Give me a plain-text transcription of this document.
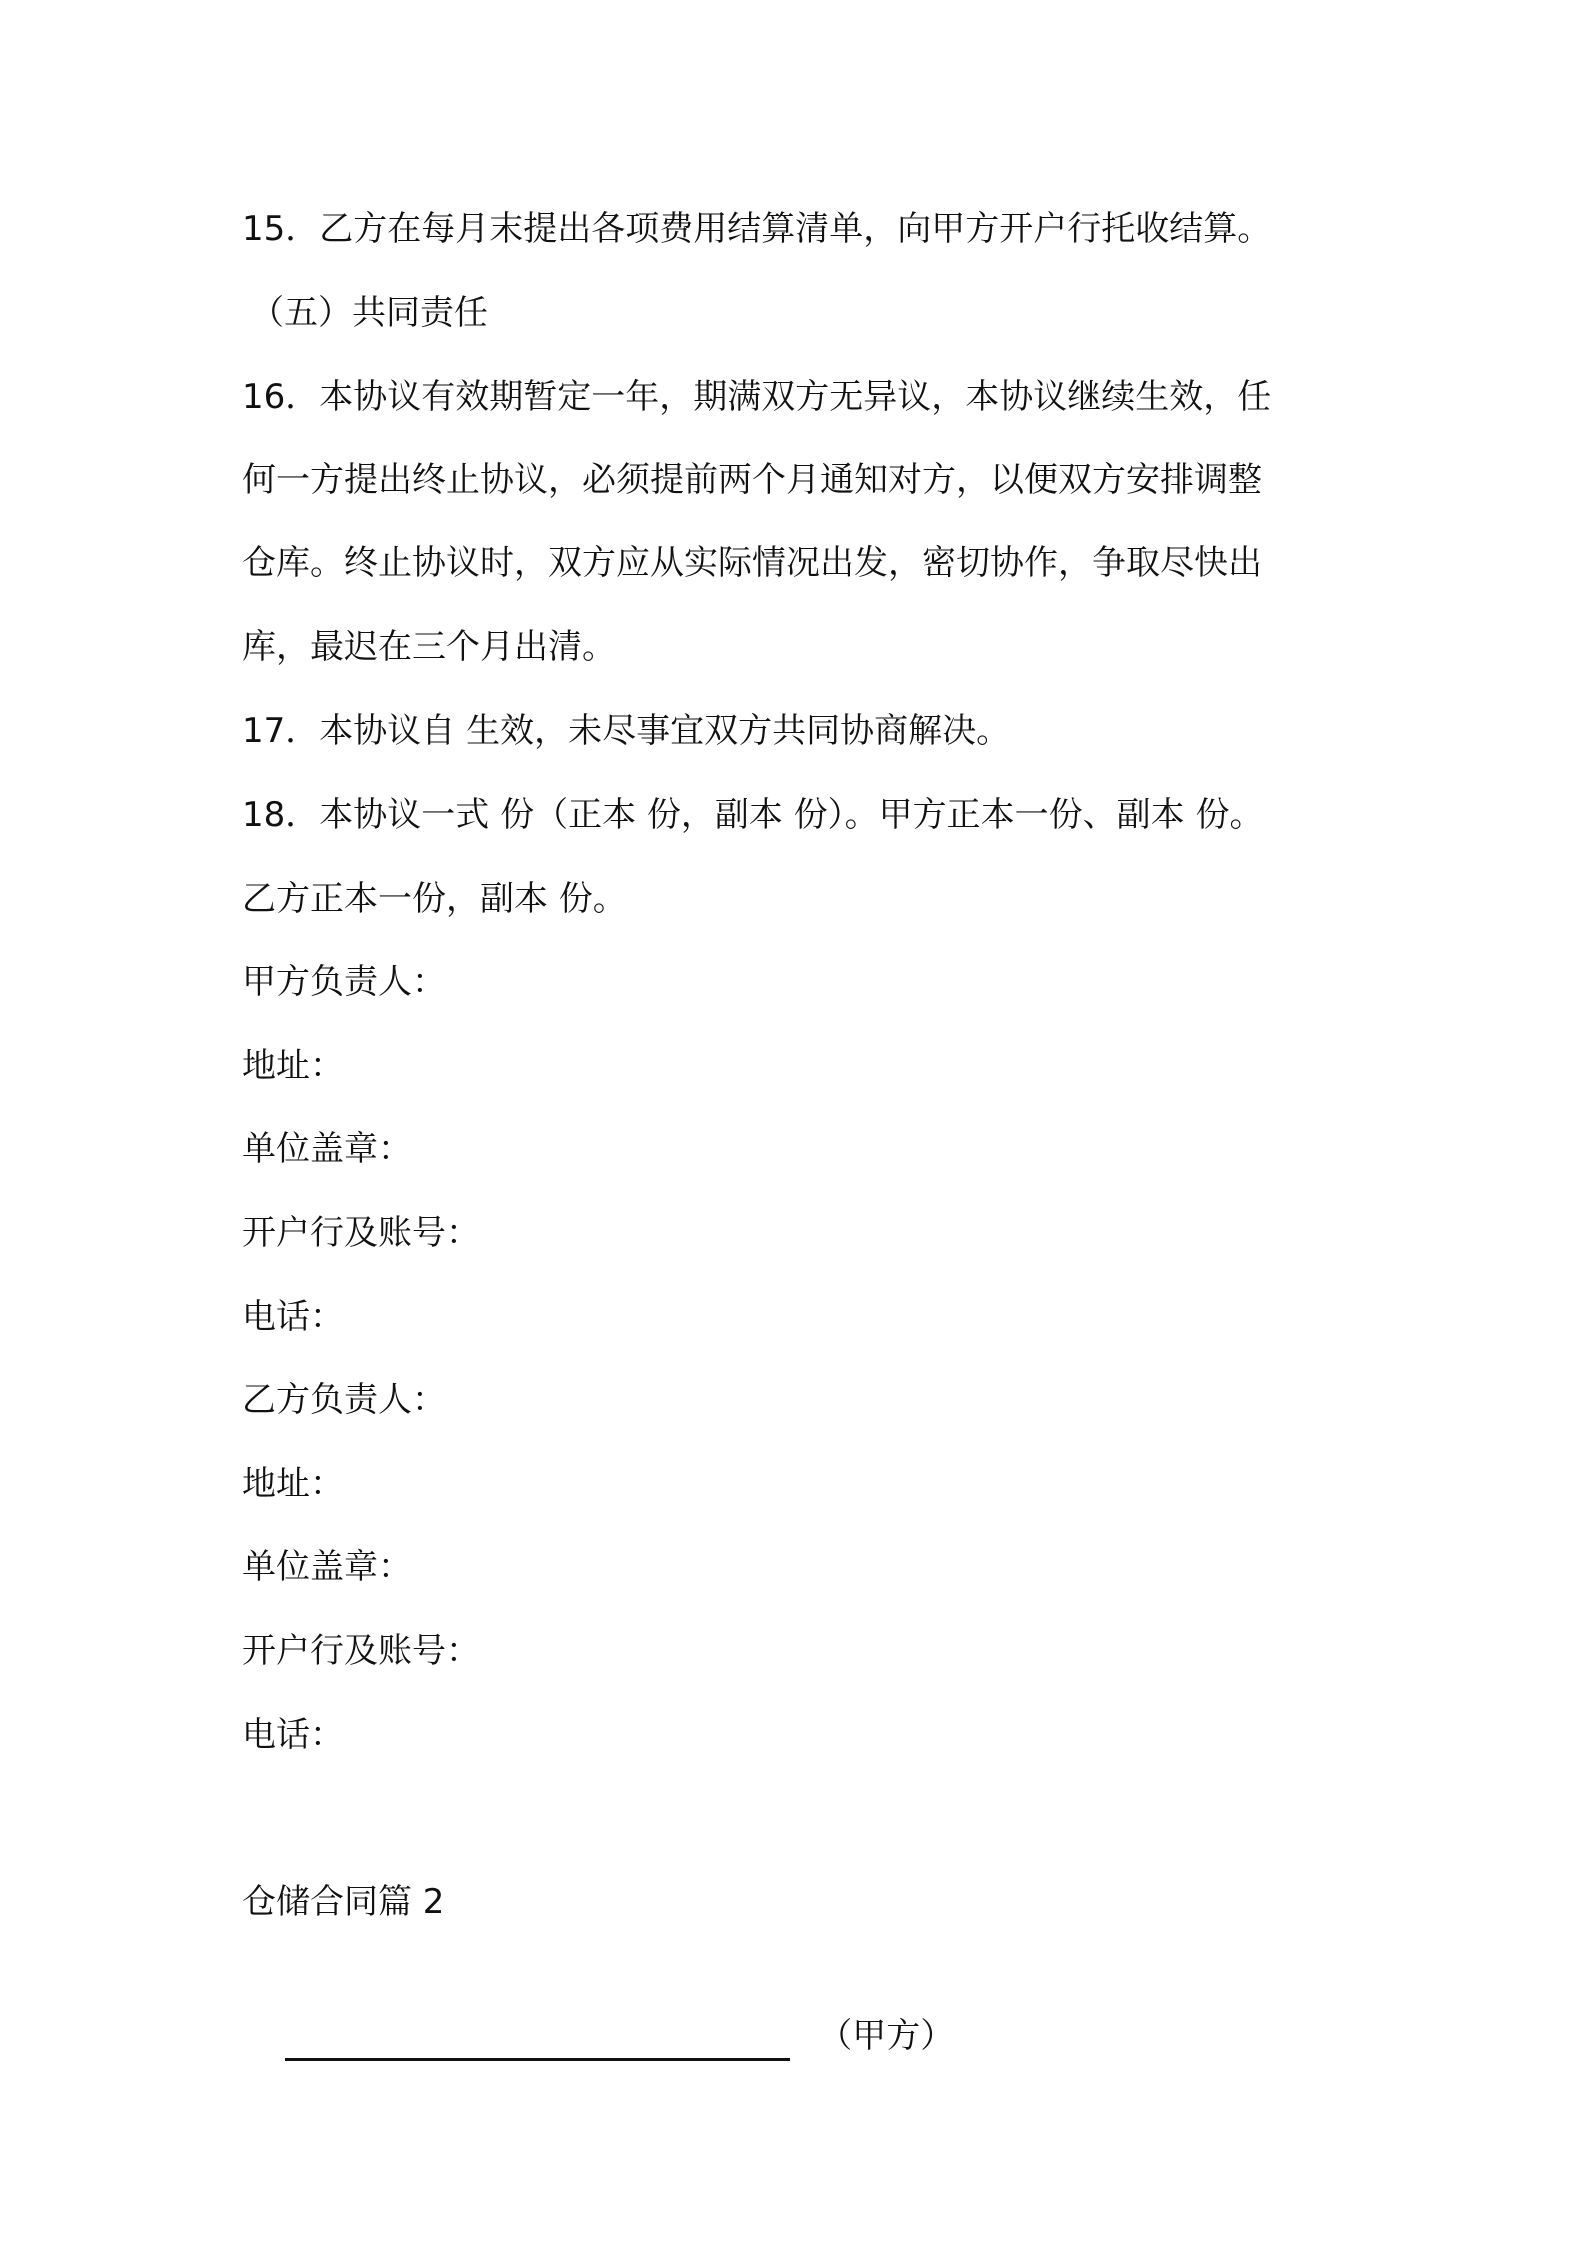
15．乙方在每月末提出各项费用结算清单，向甲方开户行托收结算。

（五）共同责任

16．本协议有效期暂定一年，期满双方无异议，本协议继续生效，任

何一方提出终止协议，必须提前两个月通知对方，以便双方安排调整

仓库。终止协议时，双方应从实际情况出发，密切协作，争取尽快出

库，最迟在三个月出清。

17．本协议自 生效，未尽事宜双方共同协商解决。

18．本协议一式 份（正本 份，副本 份）。甲方正本一份、副本 份。

乙方正本一份，副本 份。

甲方负责人：

地址：

单位盖章：

开户行及账号：

电话：

乙方负责人：

地址：

单位盖章：

开户行及账号：

电话：

仓储合同篇 2

（甲方）
